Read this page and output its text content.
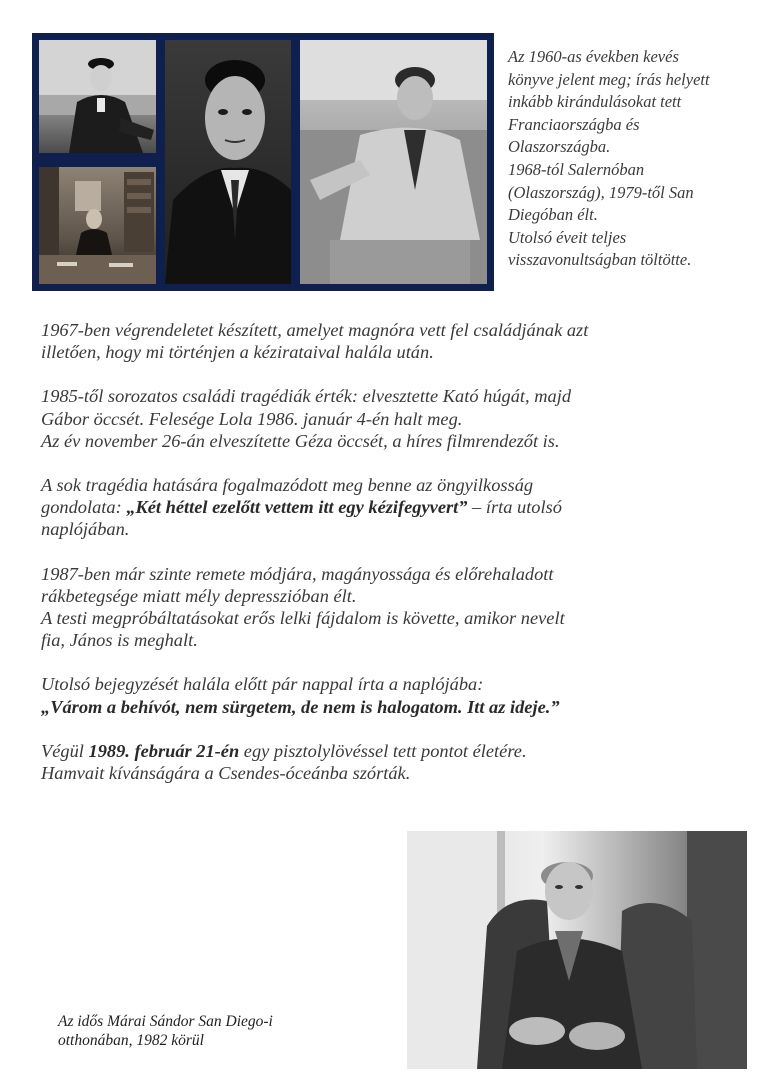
Az 1960-as években kevés

könyve jelent meg; írás helyett

inkább kirándulásokat tett

Franciaországba és

Olaszországba.

1968-tól Salernóban

(Olaszország), 1979-től San

Diegóban élt.

Utolsó éveit teljes

visszavonultságban töltötte.

1967-ben végrendeletet készített, amelyet magnóra vett fel családjának azt
illetően, hogy mi történjen a kézirataival halála után.

1985-től sorozatos családi tragédiák érték: elvesztette Kató húgát, majd
Gábor öccsét. Felesége Lola 1986. január 4-én halt meg.
Az év november 26-án elveszítette Géza öccsét, a híres filmrendezőt is.

A sok tragédia hatására fogalmazódott meg benne az öngyilkosság
gondolata: „Két héttel ezelőtt vettem itt egy kézifegyvert” – írta utolsó
naplójában.

1987-ben már szinte remete módjára, magányossága és előrehaladott
rákbetegsége miatt mély depresszióban élt.
A testi megpróbáltatásokat erős lelki fájdalom is követte, amikor nevelt
fia, János is meghalt.

Utolsó bejegyzését halála előtt pár nappal írta a naplójába:
„Várom a behívót, nem sürgetem, de nem is halogatom. Itt az ideje.”

Végül 1989. február 21-én egy pisztolylövéssel tett pontot életére.
Hamvait kívánságára a Csendes-óceánba szórták.

Az idős Márai Sándor San Diego-i

otthonában, 1982 körül
